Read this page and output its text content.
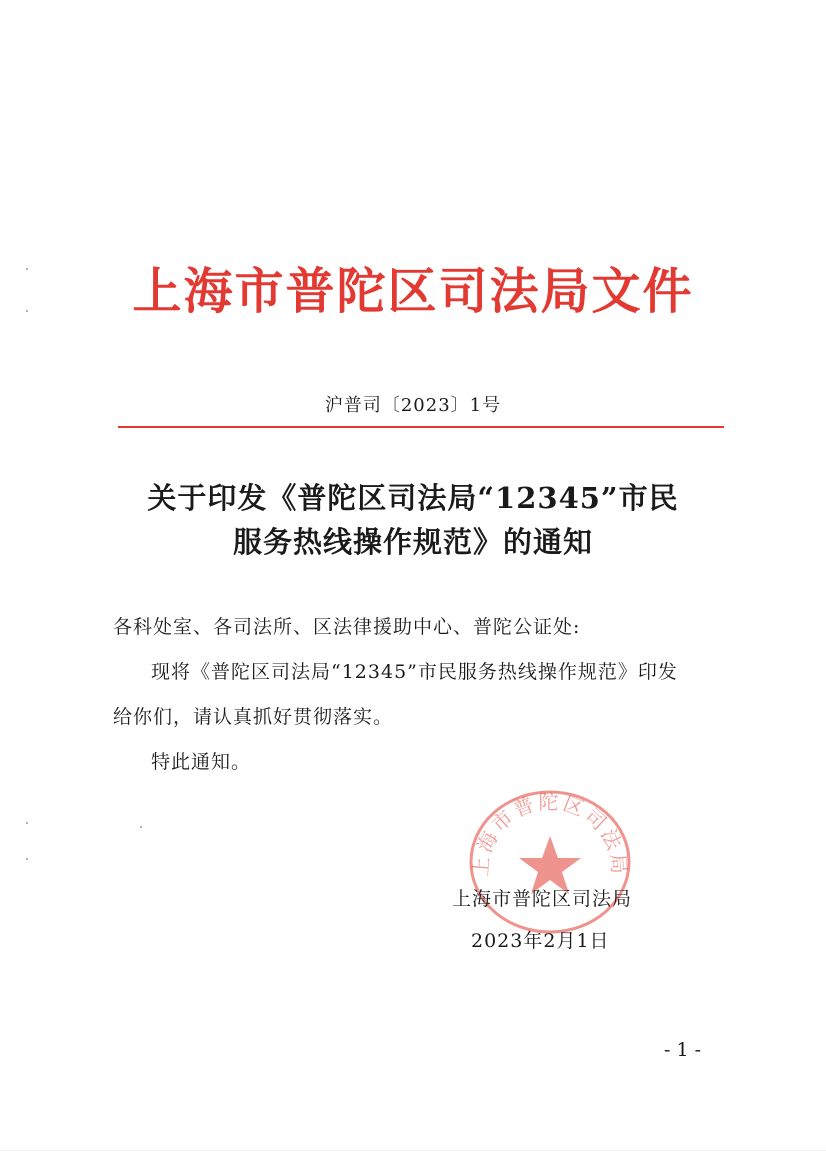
上海市普陀区司法局文件
沪普司〔2023〕1号
关于印发《普陀区司法局“12345”市民
服务热线操作规范》的通知

各科处室、各司法所、区法律援助中心、普陀公证处:

现将《普陀区司法局“12345”市民服务热线操作规范》印发

给你们，请认真抓好贯彻落实。

特此通知。

上海市普陀区司法局
上海市普陀区司法局
2023年2月1日
- 1 -
